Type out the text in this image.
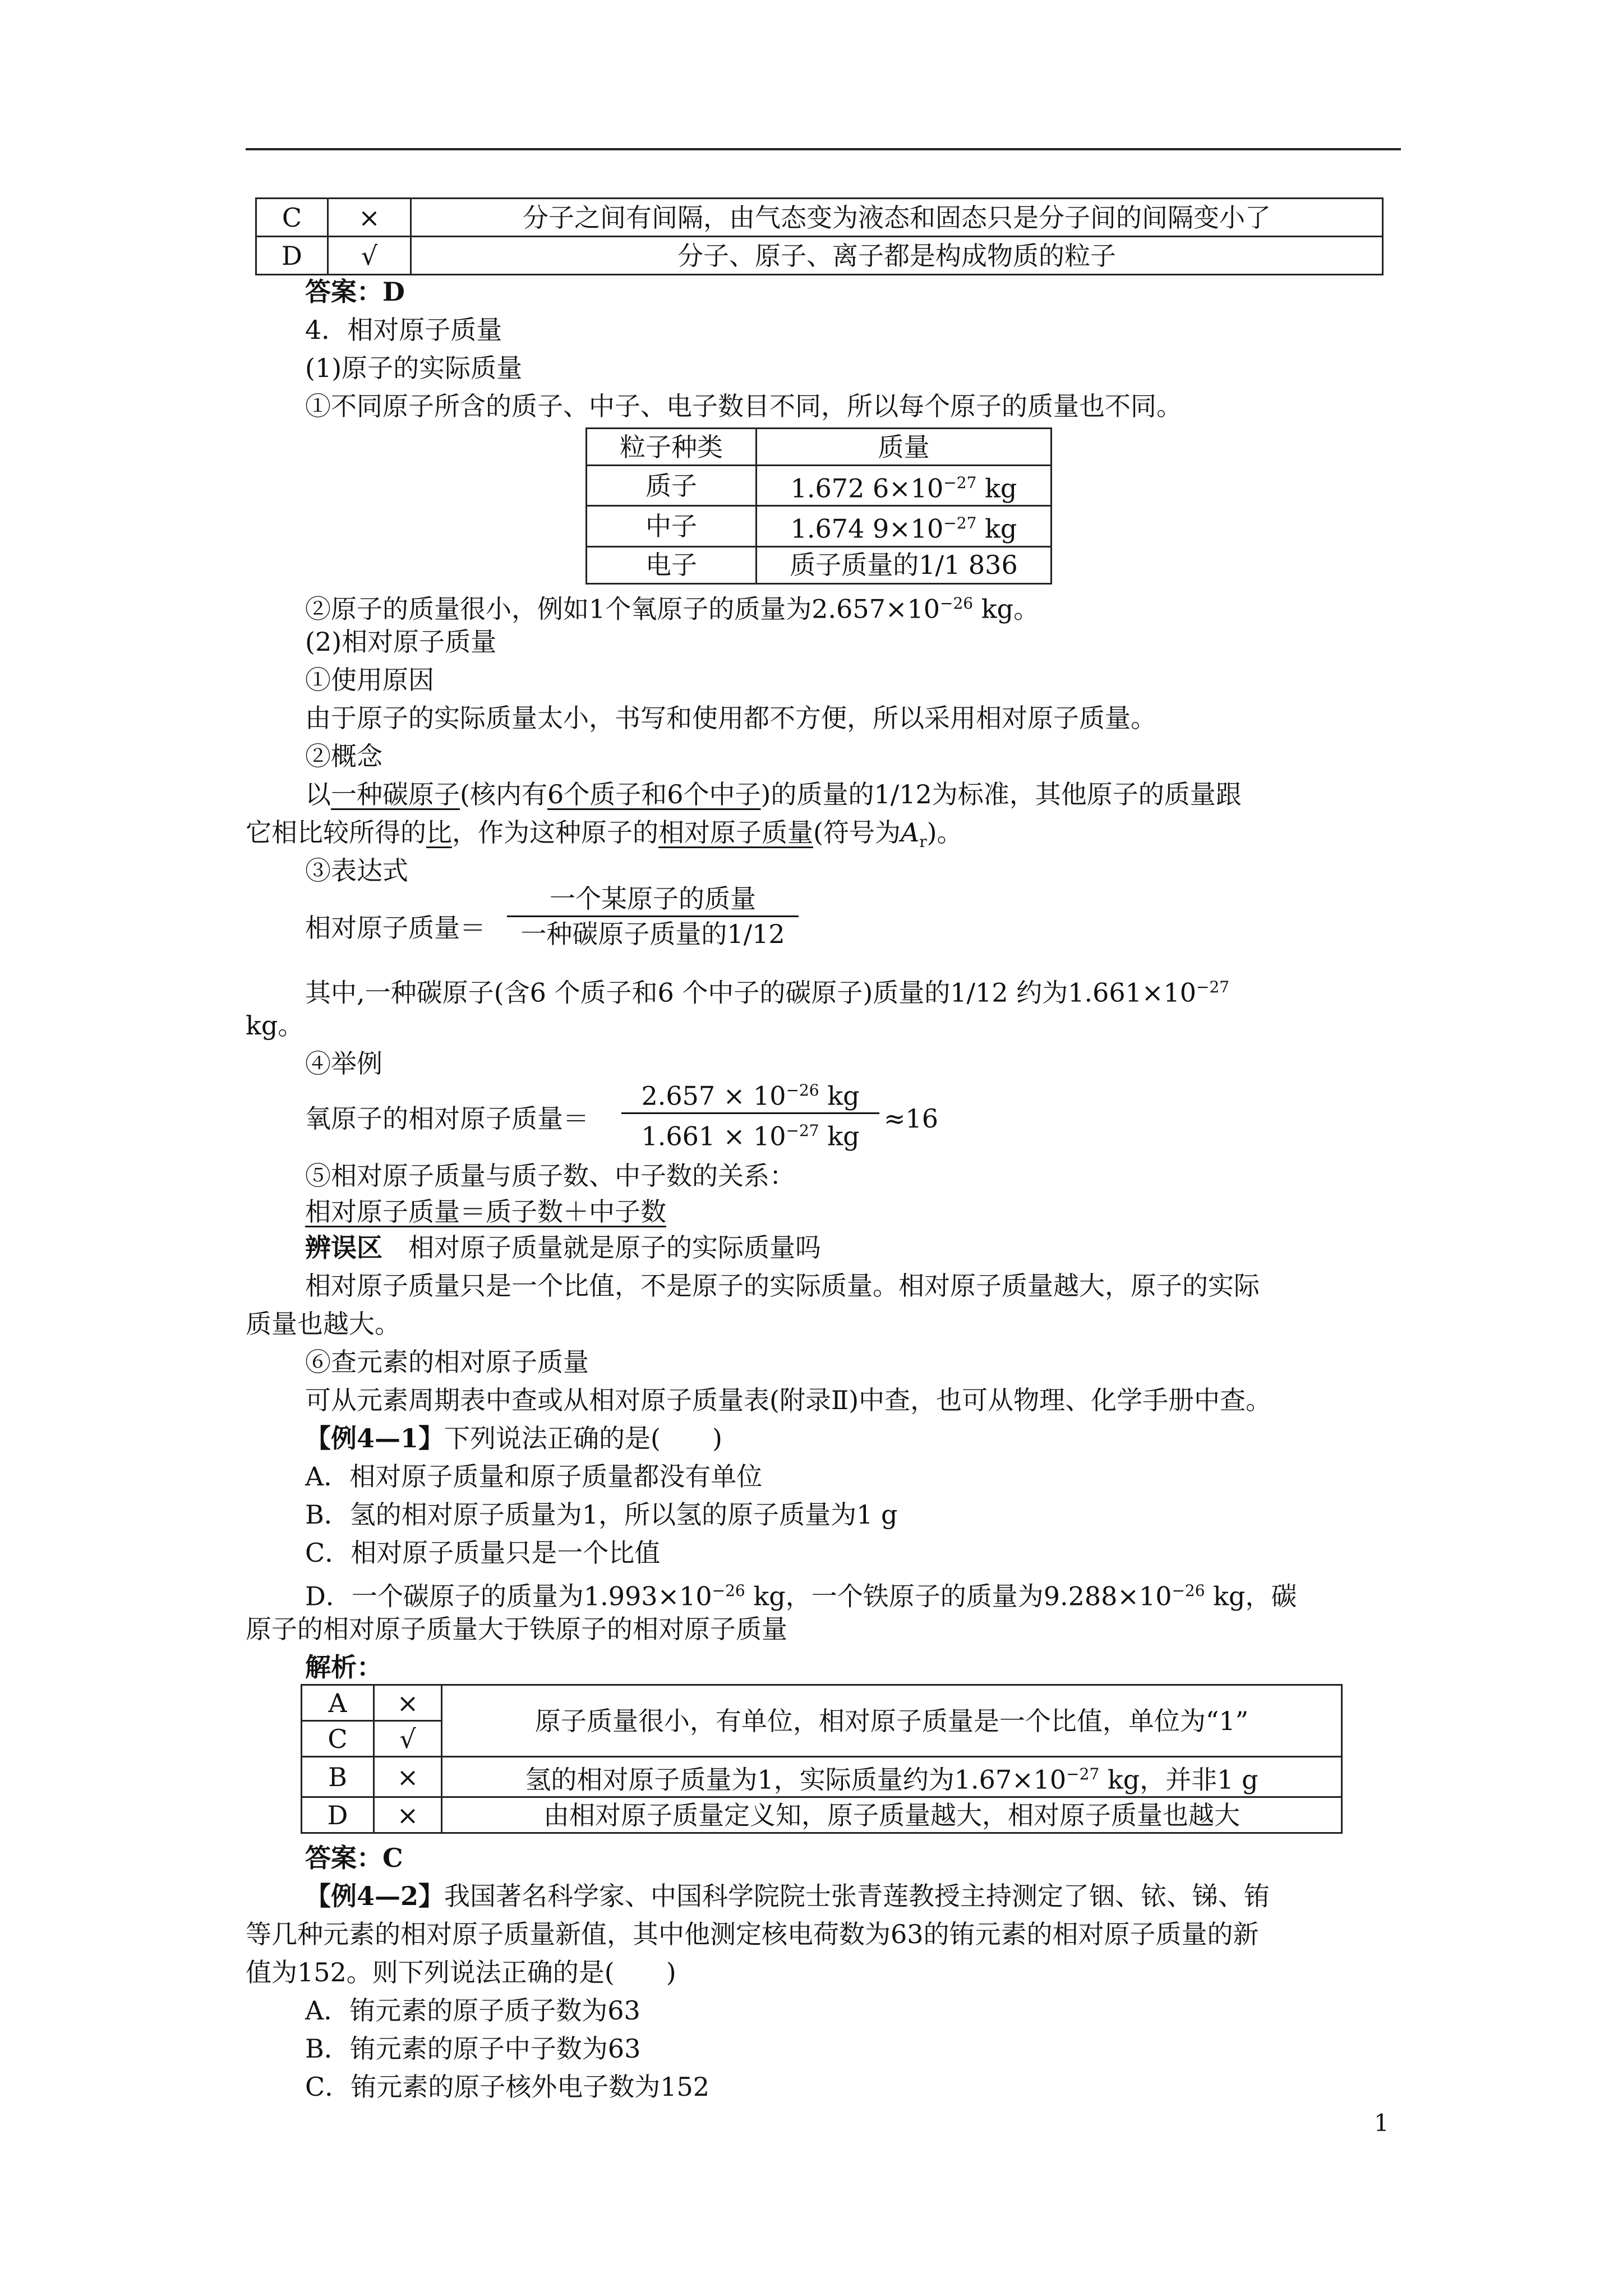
C	×	分子之间有间隔，由气态变为液态和固态只是分子间的间隔变小了
D	√	分子、原子、离子都是构成物质的粒子
答案：D
4．相对原子质量
(1)原子的实际质量
①不同原子所含的质子、中子、电子数目不同，所以每个原子的质量也不同。
粒子种类	质量
质子	1.672 $6\times 10^{-27}$ kg
中子	1.674 $9\times 10^{-27}$ kg
电子	质子质量的1/1 836
②原子的质量很小，例如1个氧原子的质量为$2.657\times 10^{-26}$ kg。
(2)相对原子质量
①使用原因
由于原子的实际质量太小，书写和使用都不方便，所以采用相对原子质量。
②概念
以一种碳原子(核内有6个质子和6个中子)的质量的1/12为标准，其他原子的质量跟
它相比较所得的比，作为这种原子的相对原子质量(符号为$A_r$)。
③表达式
相对原子质量＝
一个某原子的质量
一种碳原子质量的1/12
其中,一种碳原子(含6 个质子和6 个中子的碳原子)质量的1/12 约为$1.661\times 10^{-27}$
kg。
④举例
氧原子的相对原子质量＝
$2.657 \times 10^{-26}$ kg
$1.661 \times 10^{-27}$ kg
≈16
⑤相对原子质量与质子数、中子数的关系：
相对原子质量＝质子数＋中子数
辨误区　相对原子质量就是原子的实际质量吗
相对原子质量只是一个比值，不是原子的实际质量。相对原子质量越大，原子的实际
质量也越大。
⑥查元素的相对原子质量
可从元素周期表中查或从相对原子质量表(附录Ⅱ)中查，也可从物理、化学手册中查。
【例4—1】下列说法正确的是(　　)
A．相对原子质量和原子质量都没有单位
B．氢的相对原子质量为1，所以氢的原子质量为1 g
C．相对原子质量只是一个比值
D．一个碳原子的质量为$1.993\times 10^{-26}$ kg，一个铁原子的质量为$9.288\times 10^{-26}$ kg，碳
原子的相对原子质量大于铁原子的相对原子质量
解析：
A	×	原子质量很小，有单位，相对原子质量是一个比值，单位为“1”
C	√	
B	×	氢的相对原子质量为1，实际质量约为$1.67\times 10^{-27}$ kg，并非1 g
D	×	由相对原子质量定义知，原子质量越大，相对原子质量也越大
答案：C
【例4—2】我国著名科学家、中国科学院院士张青莲教授主持测定了铟、铱、锑、铕
等几种元素的相对原子质量新值，其中他测定核电荷数为63的铕元素的相对原子质量的新
值为152。则下列说法正确的是(　　)
A．铕元素的原子质子数为63
B．铕元素的原子中子数为63
C．铕元素的原子核外电子数为152
1
